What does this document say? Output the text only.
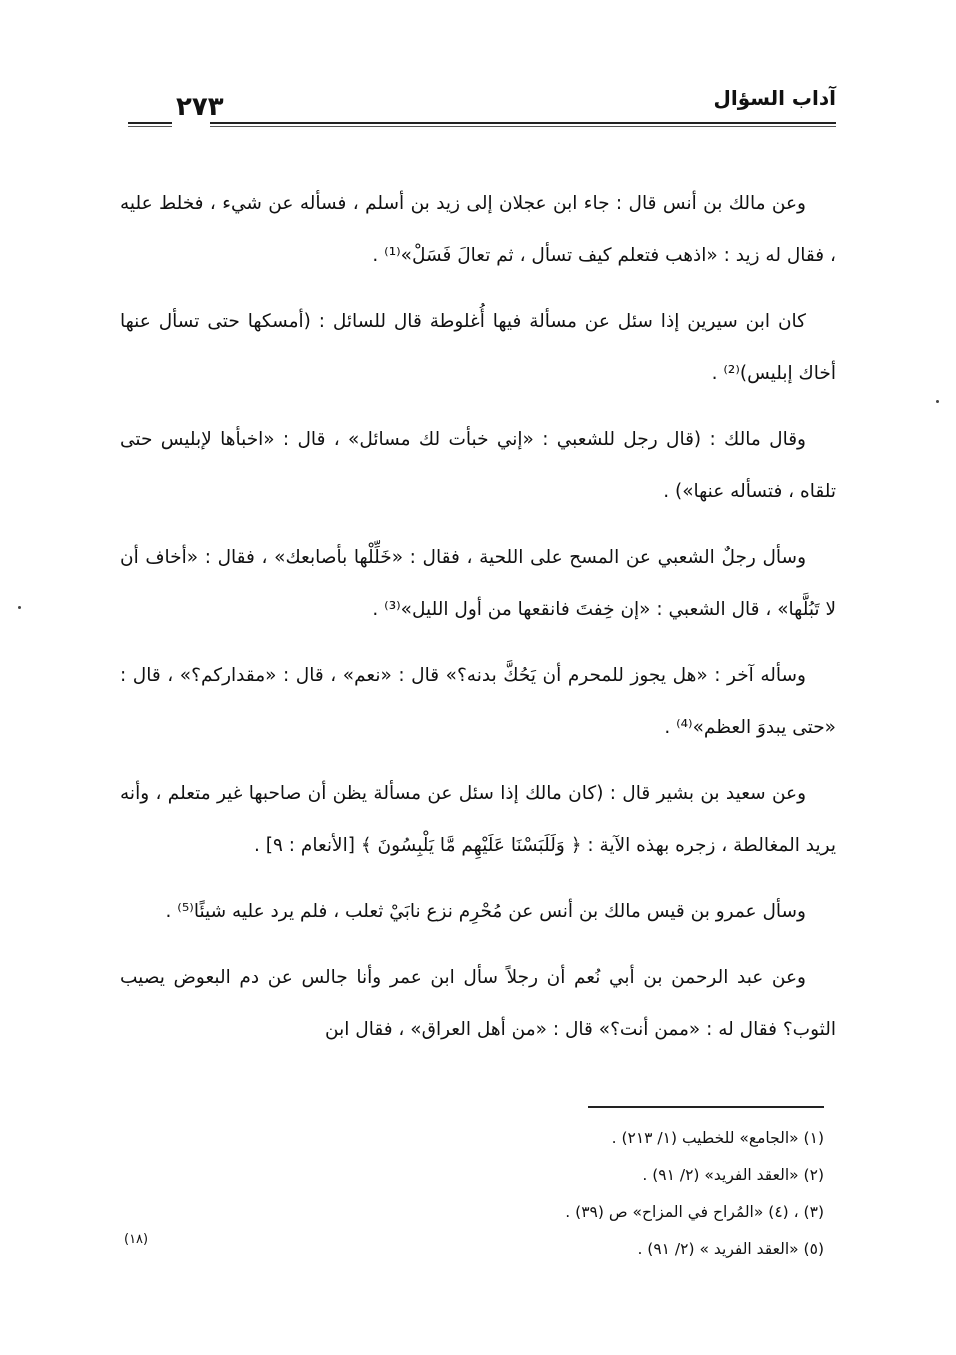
آداب السؤال
٢٧٣

وعن مالك بن أنس قال : جاء ابن عجلان إلى زيد بن أسلم ، فسأله عن شيء ، فخلط عليه ، فقال له زيد : «اذهب فتعلم كيف تسأل ، ثم تعالَ فَسَلْ»⁽¹⁾ .

كان ابن سيرين إذا سئل عن مسألة فيها أُغلوطة قال للسائل : (أمسكها حتى تسأل عنها أخاك إبليس)⁽²⁾ .

وقال مالك : (قال رجل للشعبي : «إني خبأت لك مسائل» ، قال : «اخبأها لإبليس حتى تلقاه ، فتسأله عنها») .

وسأل رجلٌ الشعبي عن المسح على اللحية ، فقال : «خَلِّلْها بأصابعك» ، فقال : «أخاف أن لا تَبُلَّها» ، قال الشعبي : «إن خِفتَ فانقعها من أول الليل»⁽³⁾ .

وسأله آخر : «هل يجوز للمحرم أن يَحُكَّ بدنه؟» قال : «نعم» ، قال : «مقداركم؟» ، قال : «حتى يبدوَ العظم»⁽⁴⁾ .

وعن سعيد بن بشير قال : (كان مالك إذا سئل عن مسألة يظن أن صاحبها غير متعلم ، وأنه يريد المغالطة ، زجره بهذه الآية : ﴿ وَلَلَبَسْنَا عَلَيْهِم مَّا يَلْبِسُونَ ﴾ [الأنعام : ٩] .

وسأل عمرو بن قيس مالك بن أنس عن مُحْرِم نزع نابَيْ ثعلب ، فلم يرد عليه شيئًا⁽⁵⁾ .

وعن عبد الرحمن بن أبي نُعم أن رجلاً سأل ابن عمر وأنا جالس عن دم البعوض يصيب الثوب؟ فقال له : «ممن أنت؟» قال : «من أهل العراق» ، فقال ابن

(١) «الجامع» للخطيب (١/ ٢١٣) .
(٢) «العقد الفريد» (٢/ ٩١) .
(٣) ، (٤) «المُراح في المزاح» ص (٣٩) .
(٥) «العقد الفريد » (٢/ ٩١) .
(١٨)
